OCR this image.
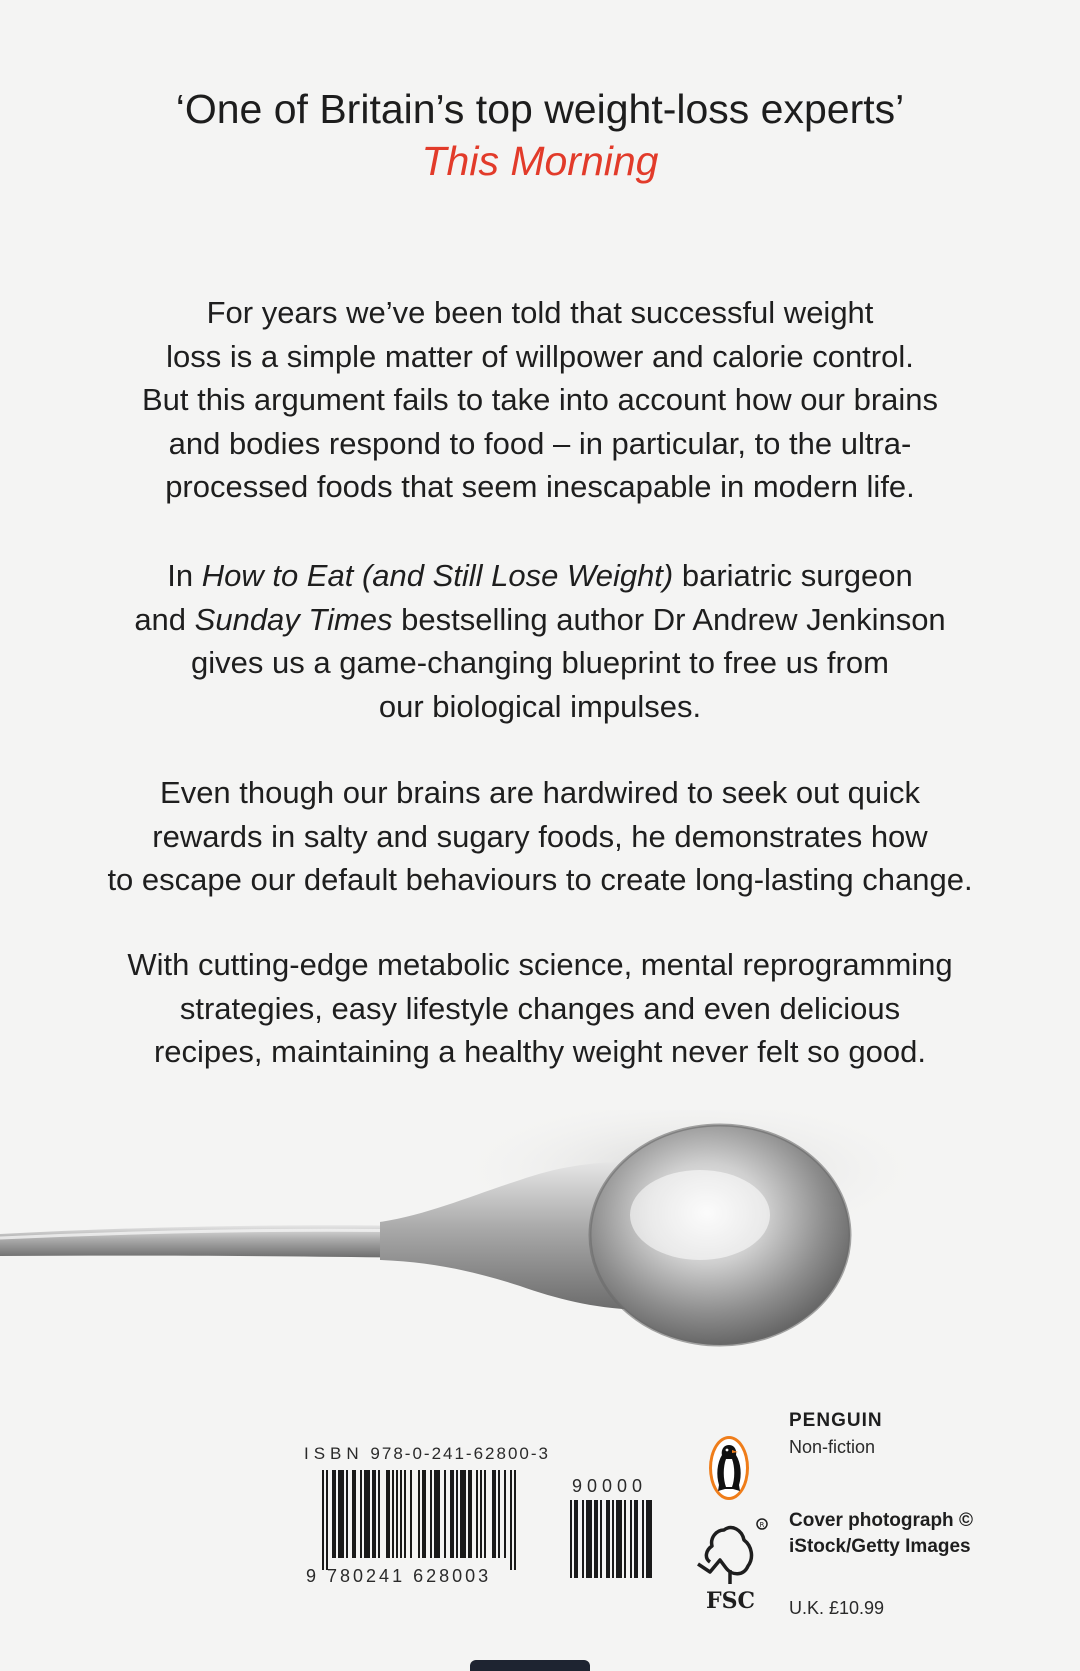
‘One of Britain’s top weight-loss experts’
This Morning
For years we’ve been told that successful weight
loss is a simple matter of willpower and calorie control.
But this argument fails to take into account how our brains
and bodies respond to food – in particular, to the ultra-
processed foods that seem inescapable in modern life.
In How to Eat (and Still Lose Weight) bariatric surgeon
and Sunday Times bestselling author Dr Andrew Jenkinson
gives us a game-changing blueprint to free us from
our biological impulses.
Even though our brains are hardwired to seek out quick
rewards in salty and sugary foods, he demonstrates how
to escape our default behaviours to create long-lasting change.
With cutting-edge metabolic science, mental reprogramming
strategies, easy lifestyle changes and even delicious
recipes, maintaining a healthy weight never felt so good.
ISBN 978-0-241-62800-3
90000
9 780241 628003
R
FSC
PENGUIN
Non-fiction
Cover photograph ©
iStock/Getty Images
U.K. £10.99
